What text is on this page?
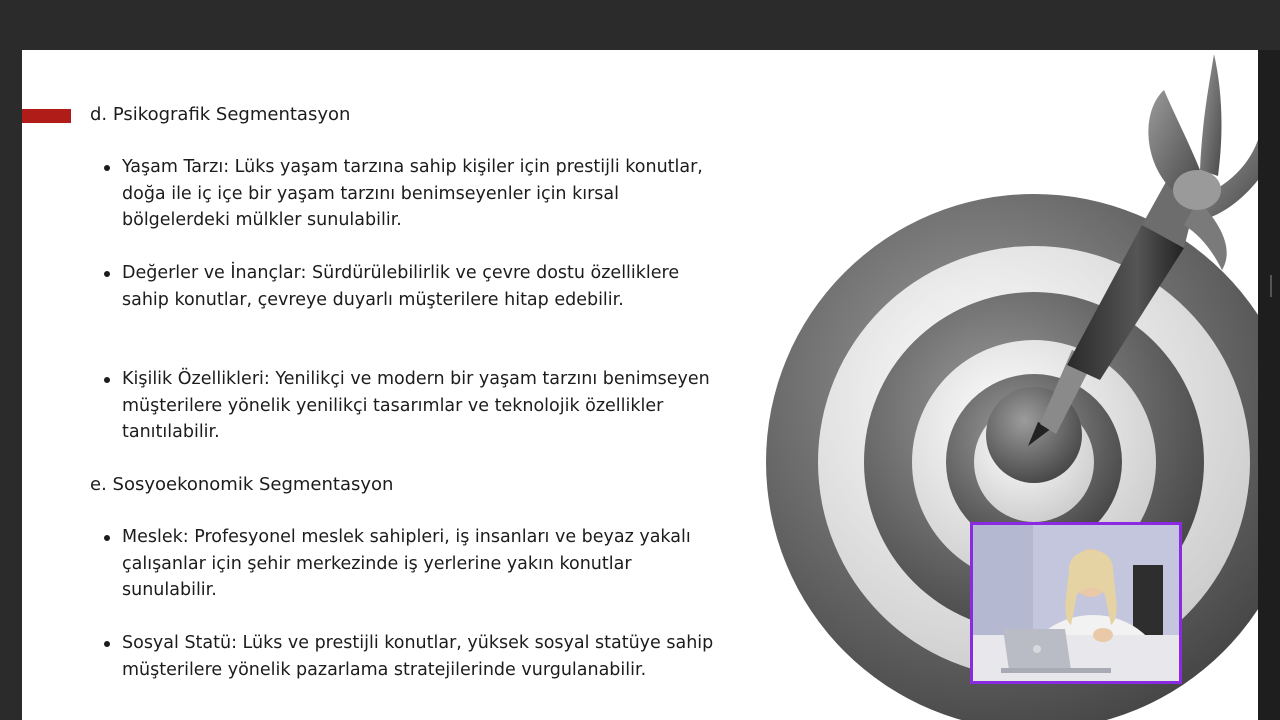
d. Psikografik Segmentasyon
Yaşam Tarzı: Lüks yaşam tarzına sahip kişiler için prestijli konutlar, doğa ile iç içe bir yaşam tarzını benimseyenler için kırsal bölgelerdeki mülkler sunulabilir.
Değerler ve İnançlar: Sürdürülebilirlik ve çevre dostu özelliklere sahip konutlar, çevreye duyarlı müşterilere hitap edebilir.
Kişilik Özellikleri: Yenilikçi ve modern bir yaşam tarzını benimseyen müşterilere yönelik yenilikçi tasarımlar ve teknolojik özellikler tanıtılabilir.
e. Sosyoekonomik Segmentasyon
Meslek: Profesyonel meslek sahipleri, iş insanları ve beyaz yakalı çalışanlar için şehir merkezinde iş yerlerine yakın konutlar sunulabilir.
Sosyal Statü: Lüks ve prestijli konutlar, yüksek sosyal statüye sahip müşterilere yönelik pazarlama stratejilerinde vurgulanabilir.
